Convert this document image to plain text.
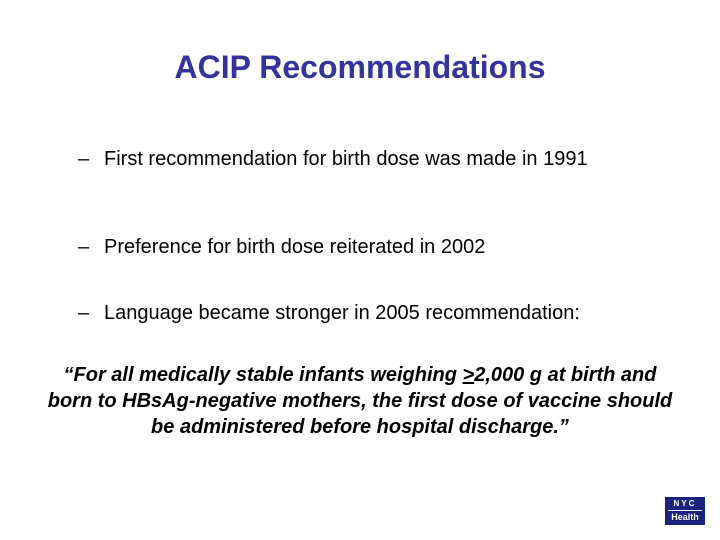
ACIP Recommendations
– First recommendation for birth dose was made in 1991
– Preference for birth dose reiterated in 2002
– Language became stronger in 2005 recommendation:
“For all medically stable infants weighing ≥2,000 g at birth and born to HBsAg-negative mothers, the first dose of vaccine should be administered before hospital discharge.”
NYC
Health
